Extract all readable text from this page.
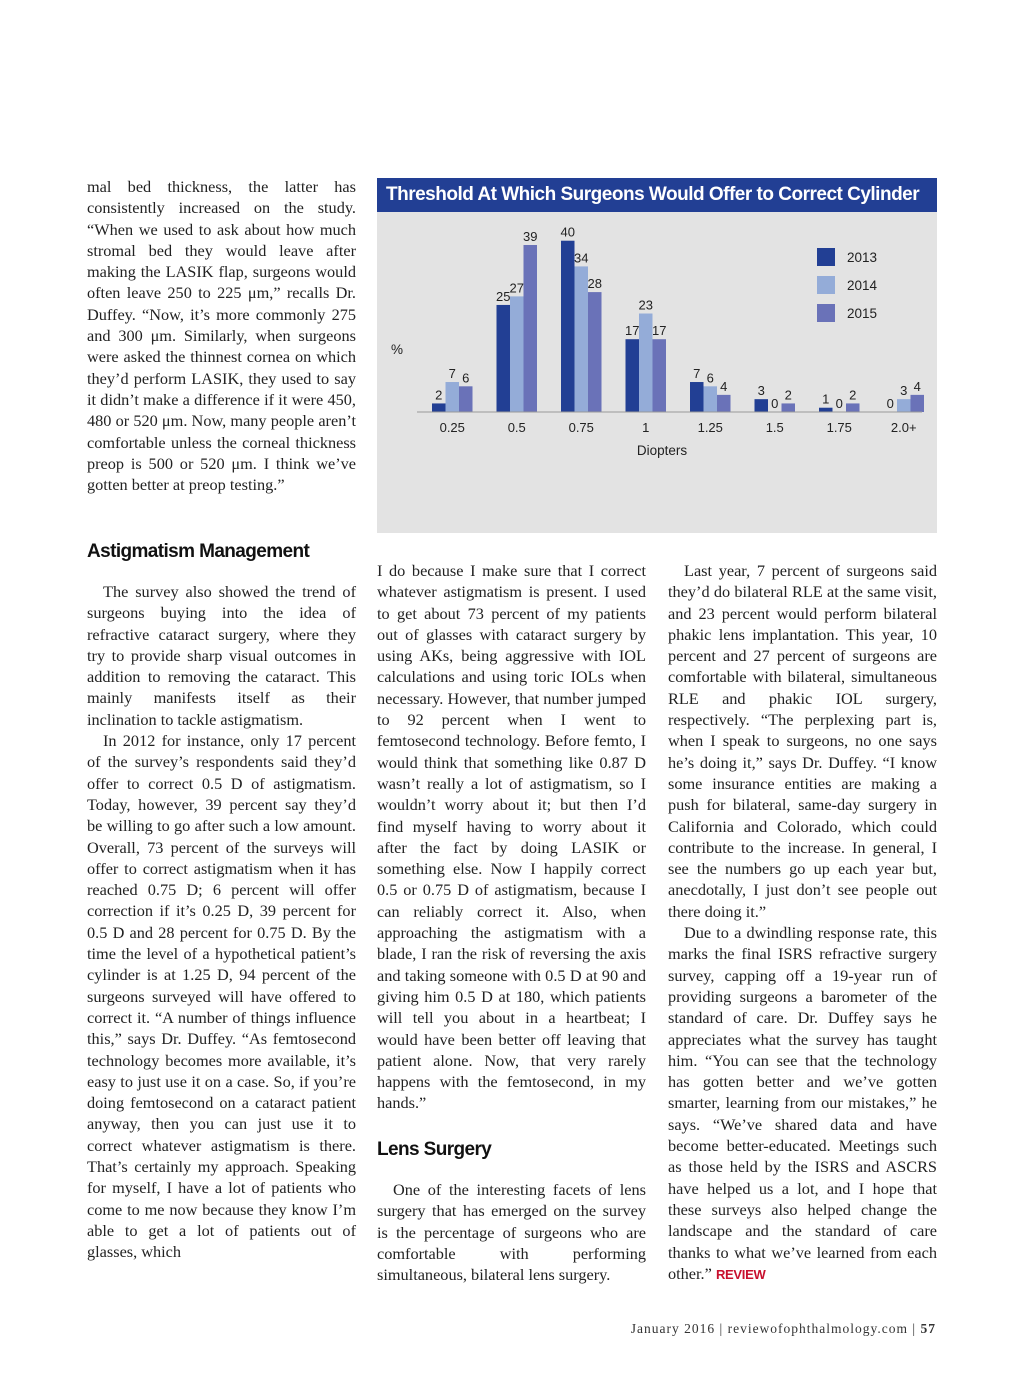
mal bed thickness, the latter has consistently increased on the study. “When we used to ask about how much stromal bed they would leave after making the LASIK flap, surgeons would often leave 250 to 225 μm,” recalls Dr. Duffey. “Now, it’s more commonly 275 and 300 μm. Similarly, when surgeons were asked the thinnest cornea on which they’d perform LASIK, they used to say it didn’t make a difference if it were 450, 480 or 520 μm. Now, many people aren’t comfortable unless the corneal thickness preop is 500 or 520 μm. I think we’ve gotten better at preop testing.”

Astigmatism Management

The survey also showed the trend of surgeons buying into the idea of refractive cataract surgery, where they try to provide sharp visual outcomes in addition to removing the cataract. This mainly manifests itself as their inclination to tackle astigmatism.

In 2012 for instance, only 17 percent of the survey’s respondents said they’d offer to correct 0.5 D of astigmatism. Today, however, 39 percent say they’d be willing to go after such a low amount. Overall, 73 percent of the surveys will offer to correct astigmatism when it has reached 0.75 D; 6 percent will offer correction if it’s 0.25 D, 39 percent for 0.5 D and 28 percent for 0.75 D. By the time the level of a hypothetical patient’s cylinder is at 1.25 D, 94 percent of the surgeons surveyed will have offered to correct it. “A number of things influence this,” says Dr. Duffey. “As femtosecond technology becomes more available, it’s easy to just use it on a case. So, if you’re doing femtosecond on a cataract patient anyway, then you can just use it to correct whatever astigmatism is there. That’s certainly my approach. Speaking for myself, I have a lot of patients who come to me now because they know I’m able to get a lot of patients out of glasses, which

Threshold At Which Surgeons Would Offer to Correct Cylinder
2
7 6
0.25
25
27
39
0.5
40
34
28
0.75
17
23
17
1
7 6
4
1.25
3
0
2
1.5
1 0
2
1.75
0
3 4
2.0+
Diopters
%
2013
2014
2015

I do because I make sure that I correct whatever astigmatism is present. I used to get about 73 percent of my patients out of glasses with cataract surgery by using AKs, being aggressive with IOL calculations and using toric IOLs when necessary. However, that number jumped to 92 percent when I went to femtosecond technology. Before femto, I would think that something like 0.87 D wasn’t really a lot of astigmatism, so I wouldn’t worry about it; but then I’d find myself having to worry about it after the fact by doing LASIK or something else. Now I happily correct 0.5 or 0.75 D of astigmatism, because I can reliably correct it. Also, when approaching the astigmatism with a blade, I ran the risk of reversing the axis and taking someone with 0.5 D at 90 and giving him 0.5 D at 180, which patients will tell you about in a heartbeat; I would have been better off leaving that patient alone. Now, that very rarely happens with the femtosecond, in my hands.”

Lens Surgery

One of the interesting facets of lens surgery that has emerged on the survey is the percentage of surgeons who are comfortable with performing simultaneous, bilateral lens surgery.

Last year, 7 percent of surgeons said they’d do bilateral RLE at the same visit, and 23 percent would perform bilateral phakic lens implantation. This year, 10 percent and 27 percent of surgeons are comfortable with bilateral, simultaneous RLE and phakic IOL surgery, respectively. “The perplexing part is, when I speak to surgeons, no one says he’s doing it,” says Dr. Duffey. “I know some insurance entities are making a push for bilateral, same-day surgery in California and Colorado, which could contribute to the increase. In general, I see the numbers go up each year but, anecdotally, I just don’t see people out there doing it.”

Due to a dwindling response rate, this marks the final ISRS refractive surgery survey, capping off a 19-year run of providing surgeons a barometer of the standard of care. Dr. Duffey says he appreciates what the survey has taught him. “You can see that the technology has gotten better and we’ve gotten smarter, learning from our mistakes,” he says. “We’ve shared data and have become better-educated. Meetings such as those held by the ISRS and ASCRS have helped us a lot, and I hope that these surveys also helped change the landscape and the standard of care thanks to what we’ve learned from each other.” REVIEW

January 2016 | reviewofophthalmology.com | 57
